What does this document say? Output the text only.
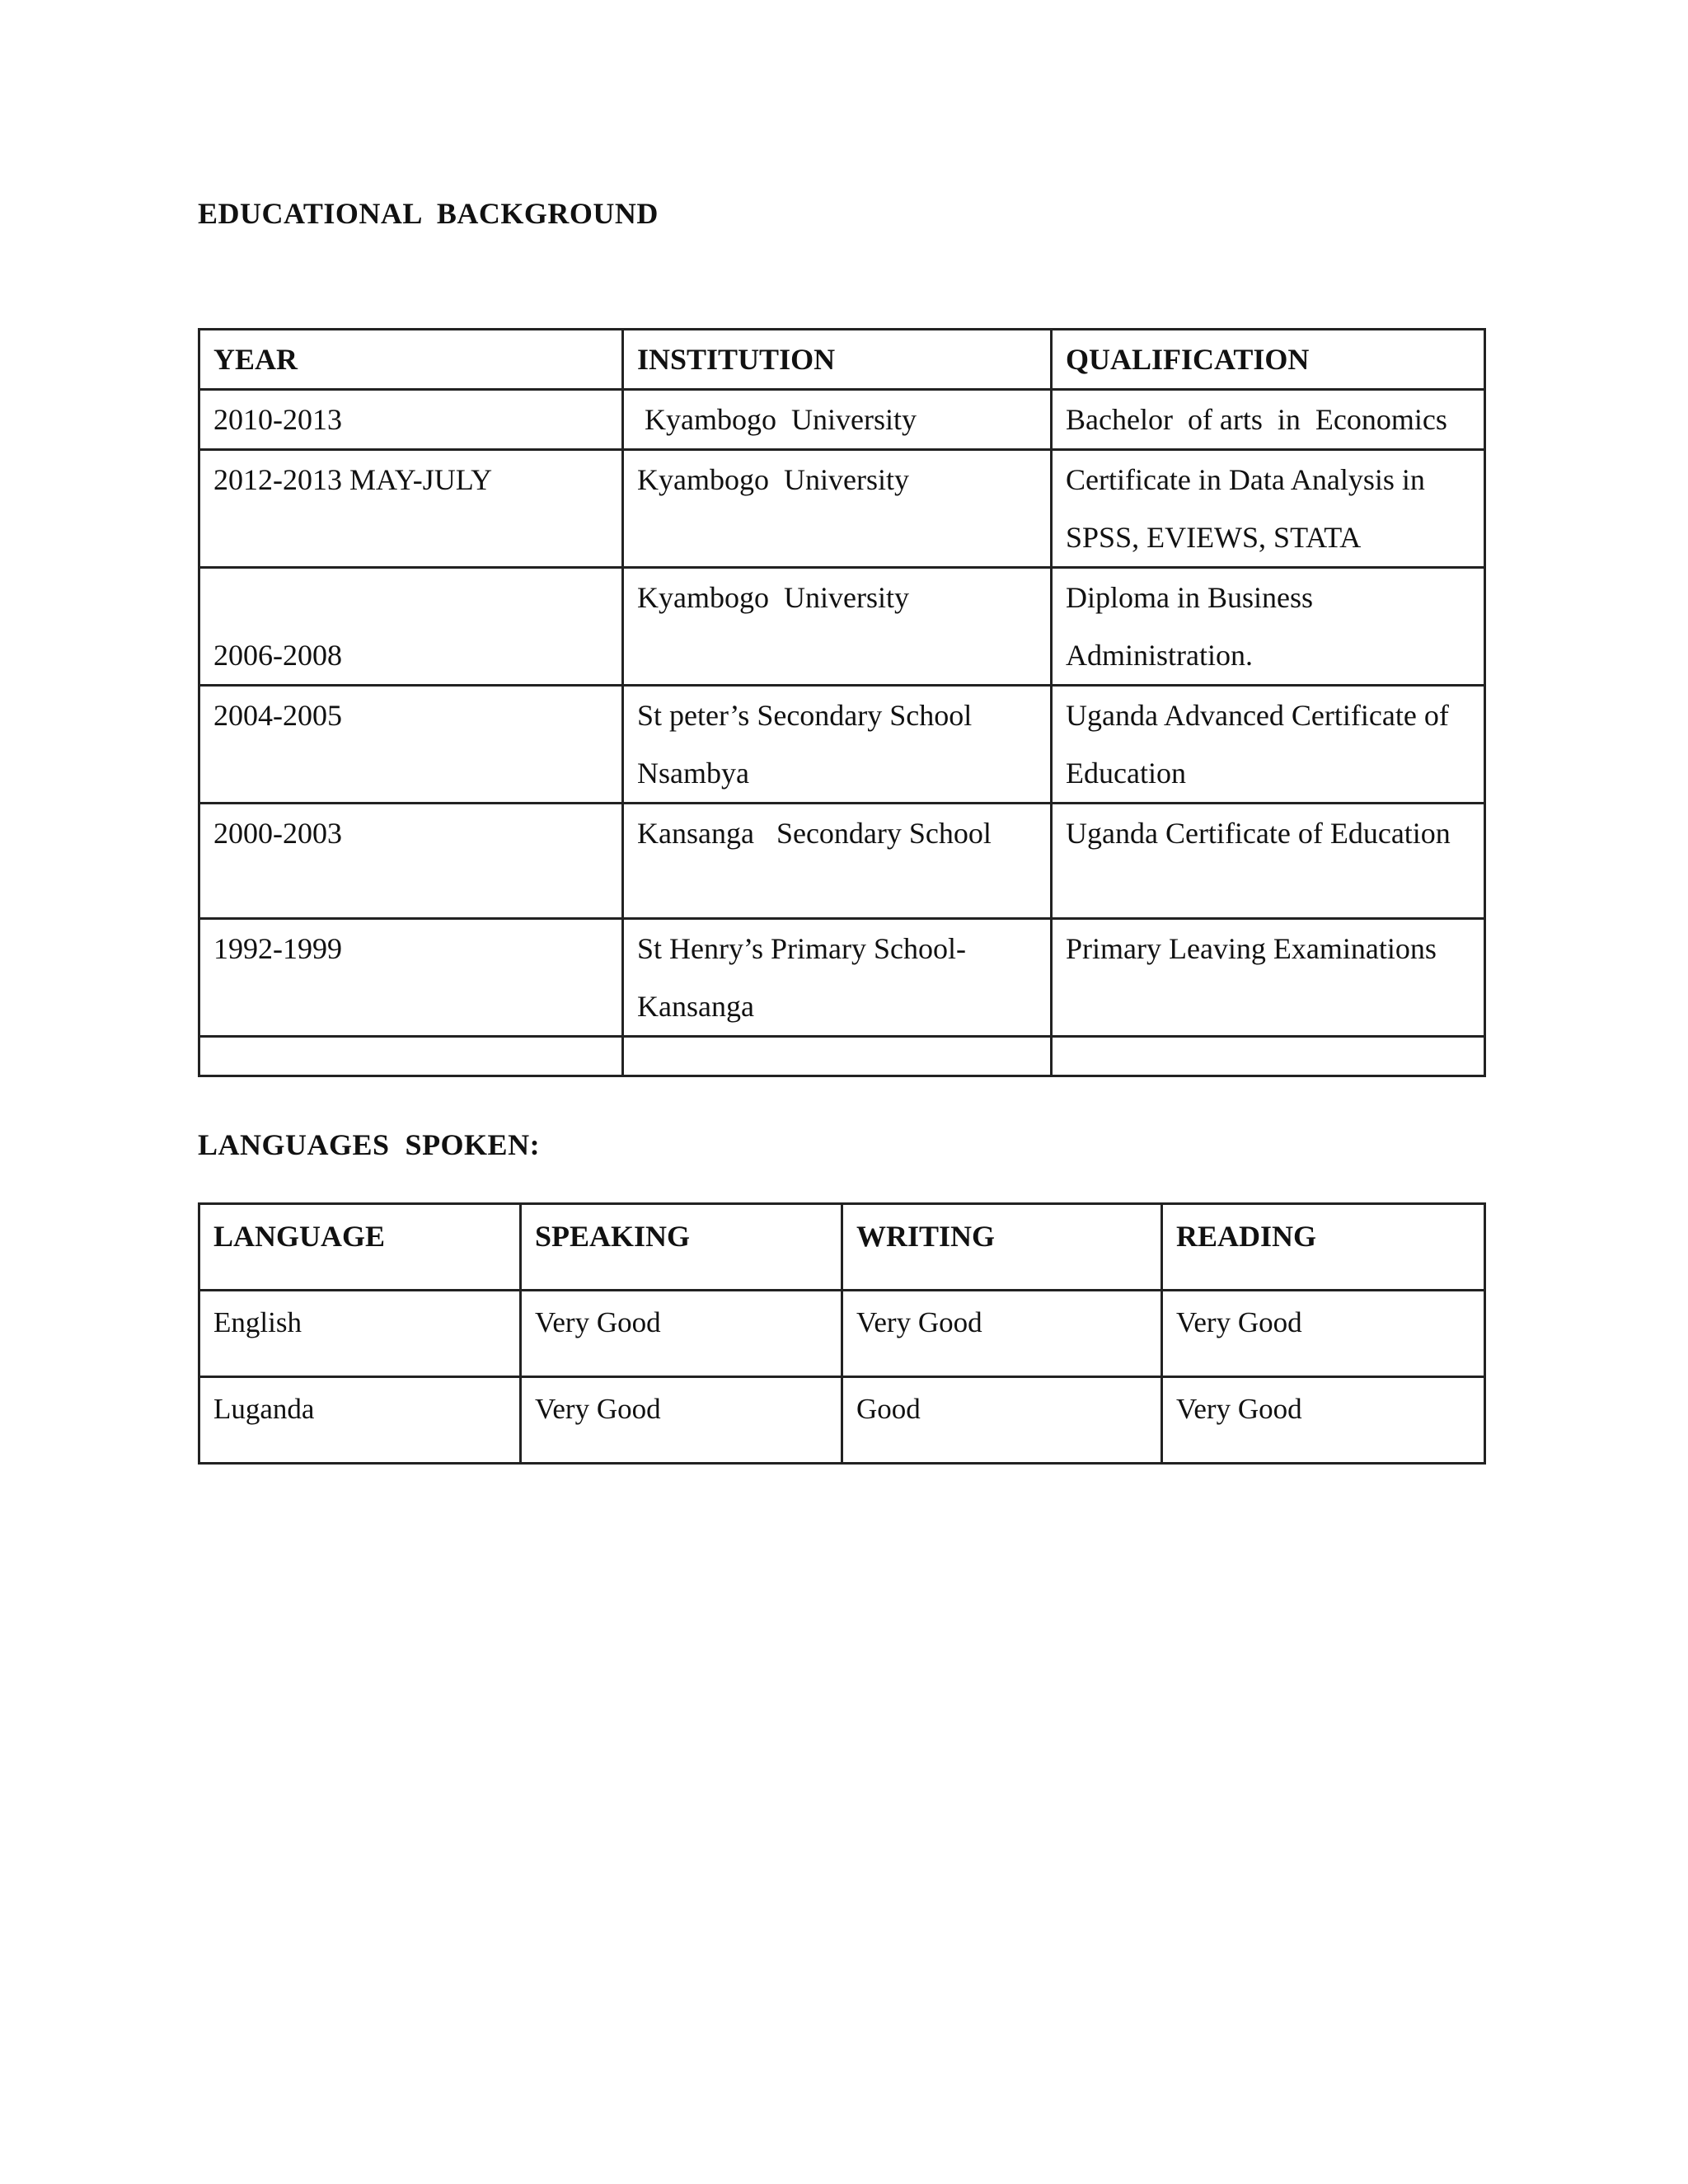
EDUCATIONAL  BACKGROUND
YEAR	INSTITUTION	QUALIFICATION
2010-2013	Kyambogo  University	Bachelor  of arts  in  Economics
2012-2013 MAY-JULY	Kyambogo  University	Certificate in Data Analysis in SPSS, EVIEWS, STATA
2006-2008	Kyambogo  University	Diploma in Business Administration.
2004-2005	St peter’s Secondary School Nsambya	Uganda Advanced Certificate of Education
2000-2003	Kansanga   Secondary School	Uganda Certificate of Education
1992-1999	St Henry’s Primary School- Kansanga	Primary Leaving Examinations

LANGUAGES  SPOKEN:
LANGUAGE	SPEAKING	WRITING	READING
English	Very Good	Very Good	Very Good
Luganda	Very Good	Good	Very Good
